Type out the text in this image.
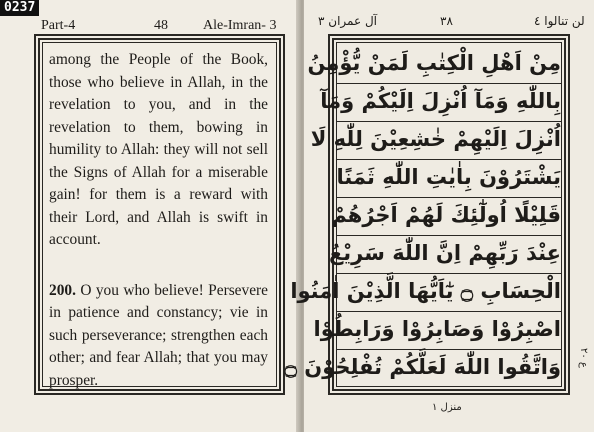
0237
Part-4	48	Ale-Imran- 3

among the People of the Book, those who believe in Allah, in the revelation to you, and in the revelation to them, bowing in humility to Allah: they will not sell the Signs of Allah for a miserable gain! for them is a reward with their Lord, and Allah is swift in account.

200. O you who believe! Persevere in patience and constancy; vie in such perseverance; strengthen each other; and fear Allah; that you may prosper.

لن تنالوا ٤
٣٨
آل عمران ٣
مِنْ اَهْلِ الْكِتٰبِ لَمَنْ يُّؤْمِنُ
بِاللّٰهِ وَمَآ اُنْزِلَ اِلَيْكُمْ وَمَآ
اُنْزِلَ اِلَيْهِمْ خٰشِعِيْنَ لِلّٰهِ لَا
يَشْتَرُوْنَ بِاٰيٰتِ اللّٰهِ ثَمَنًا
قَلِيْلًا اُولٰٓئِكَ لَهُمْ اَجْرُهُمْ
عِنْدَ رَبِّهِمْ اِنَّ اللّٰهَ سَرِيْعُ
الْحِسَابِ ۝ يٰٓاَيُّهَا الَّذِيْنَ اٰمَنُوا
اصْبِرُوْا وَصَابِرُوْا وَرَابِطُوْا
وَاتَّقُوا اللّٰهَ لَعَلَّكُمْ تُفْلِحُوْنَ ۝
منزل ١
ع ٢٠
